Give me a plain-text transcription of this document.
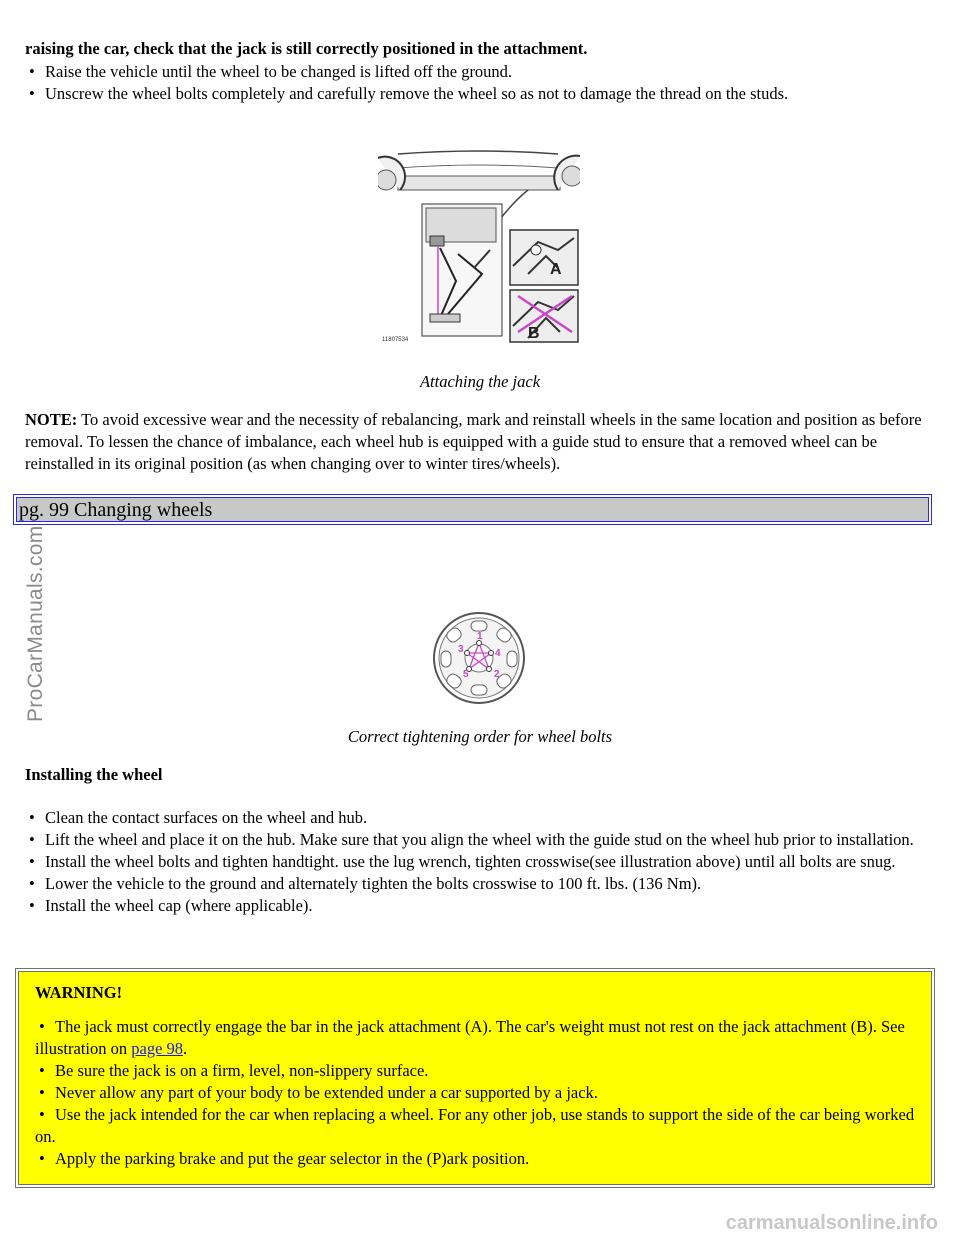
raising the car, check that the jack is still correctly positioned in the attachment.
• Raise the vehicle until the wheel to be changed is lifted off the ground.
• Unscrew the wheel bolts completely and carefully remove the wheel so as not to damage the thread on the studs.
A
B
11807534
Attaching the jack
NOTE: To avoid excessive wear and the necessity of rebalancing, mark and reinstall wheels in the same location and position as before removal. To lessen the chance of imbalance, each wheel hub is equipped with a guide stud to ensure that a removed wheel can be reinstalled in its original position (as when changing over to winter tires/wheels).
pg. 99 Changing wheels
1
2
3	4
5
Correct tightening order for wheel bolts
Installing the wheel
• Clean the contact surfaces on the wheel and hub.
• Lift the wheel and place it on the hub. Make sure that you align the wheel with the guide stud on the wheel hub prior to installation.
• Install the wheel bolts and tighten handtight. use the lug wrench, tighten crosswise(see illustration above) until all bolts are snug.
• Lower the vehicle to the ground and alternately tighten the bolts crosswise to 100 ft. lbs. (136 Nm).
• Install the wheel cap (where applicable).
WARNING!
• The jack must correctly engage the bar in the jack attachment (A). The car's weight must not rest on the jack attachment (B). See illustration on page 98.
• Be sure the jack is on a firm, level, non-slippery surface.
• Never allow any part of your body to be extended under a car supported by a jack.
• Use the jack intended for the car when replacing a wheel. For any other job, use stands to support the side of the car being worked on.
• Apply the parking brake and put the gear selector in the (P)ark position.
ProCarManuals.com
carmanualsonline.info
